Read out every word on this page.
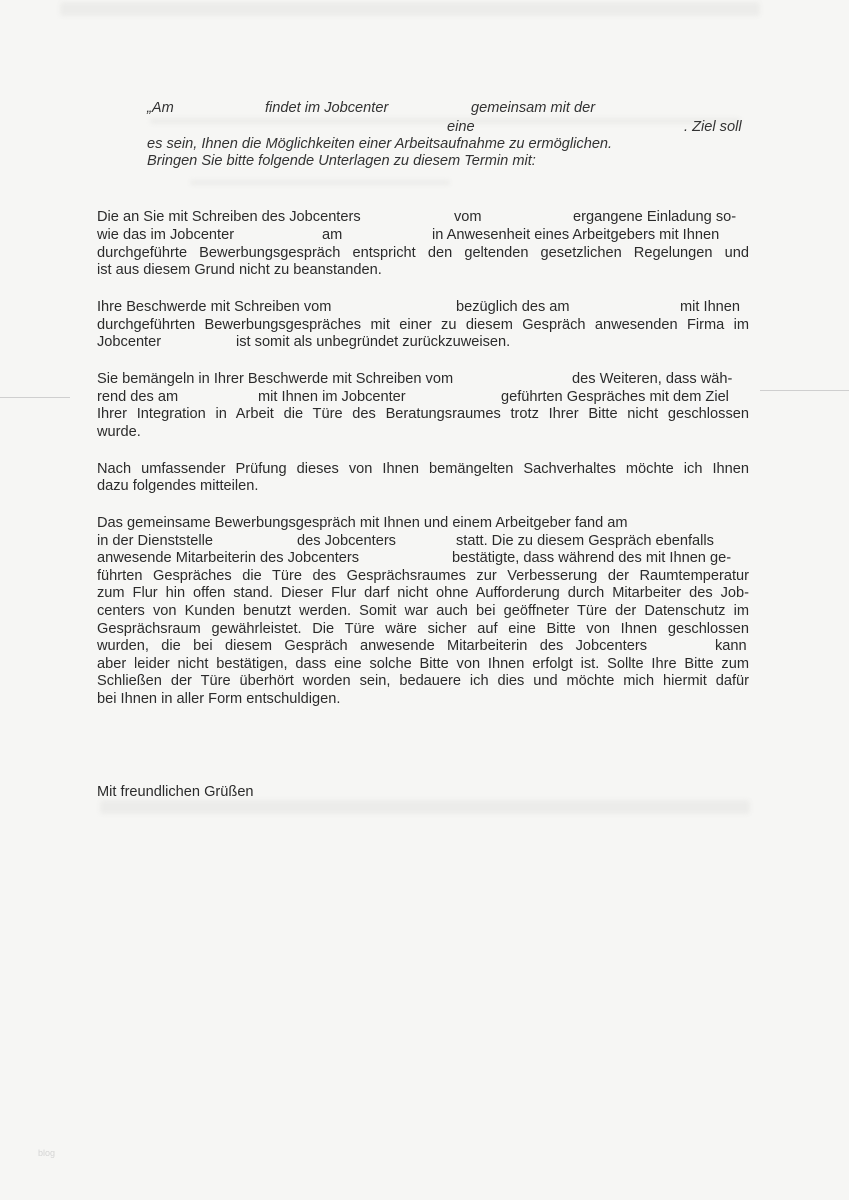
„Am	findet im Jobcenter	gemeinsam mit der
eine	. Ziel soll
es sein, Ihnen die Möglichkeiten einer Arbeitsaufnahme zu ermöglichen.
Bringen Sie bitte folgende Unterlagen zu diesem Termin mit:
Die an Sie mit Schreiben des Jobcenters	vom	ergangene Einladung so-
wie das im Jobcenter	am	in Anwesenheit eines Arbeitgebers mit Ihnen
durchgeführte Bewerbungsgespräch entspricht den geltenden gesetzlichen Regelungen und
ist aus diesem Grund nicht zu beanstanden.
Ihre Beschwerde mit Schreiben vom	bezüglich des am	mit Ihnen
durchgeführten Bewerbungsgespräches mit einer zu diesem Gespräch anwesenden Firma im
Jobcenter	ist somit als unbegründet zurückzuweisen.
Sie bemängeln in Ihrer Beschwerde mit Schreiben vom	des Weiteren, dass wäh-
rend des am	mit Ihnen im Jobcenter	geführten Gespräches mit dem Ziel
Ihrer Integration in Arbeit die Türe des Beratungsraumes trotz Ihrer Bitte nicht geschlossen
wurde.
Nach umfassender Prüfung dieses von Ihnen bemängelten Sachverhaltes möchte ich Ihnen
dazu folgendes mitteilen.
Das gemeinsame Bewerbungsgespräch mit Ihnen und einem Arbeitgeber fand am
in der Dienststelle	des Jobcenters	statt. Die zu diesem Gespräch ebenfalls
anwesende Mitarbeiterin des Jobcenters	bestätigte, dass während des mit Ihnen ge-
führten Gespräches die Türe des Gesprächsraumes zur Verbesserung der Raumtemperatur
zum Flur hin offen stand. Dieser Flur darf nicht ohne Aufforderung durch Mitarbeiter des Job-
centers von Kunden benutzt werden. Somit war auch bei geöffneter Türe der Datenschutz im
Gesprächsraum gewährleistet. Die Türe wäre sicher auf eine Bitte von Ihnen geschlossen
wurden, die bei diesem Gespräch anwesende Mitarbeiterin des Jobcenters	kann
aber leider nicht bestätigen, dass eine solche Bitte von Ihnen erfolgt ist. Sollte Ihre Bitte zum
Schließen der Türe überhört worden sein, bedauere ich dies und möchte mich hiermit dafür
bei Ihnen in aller Form entschuldigen.
Mit freundlichen Grüßen
blog
